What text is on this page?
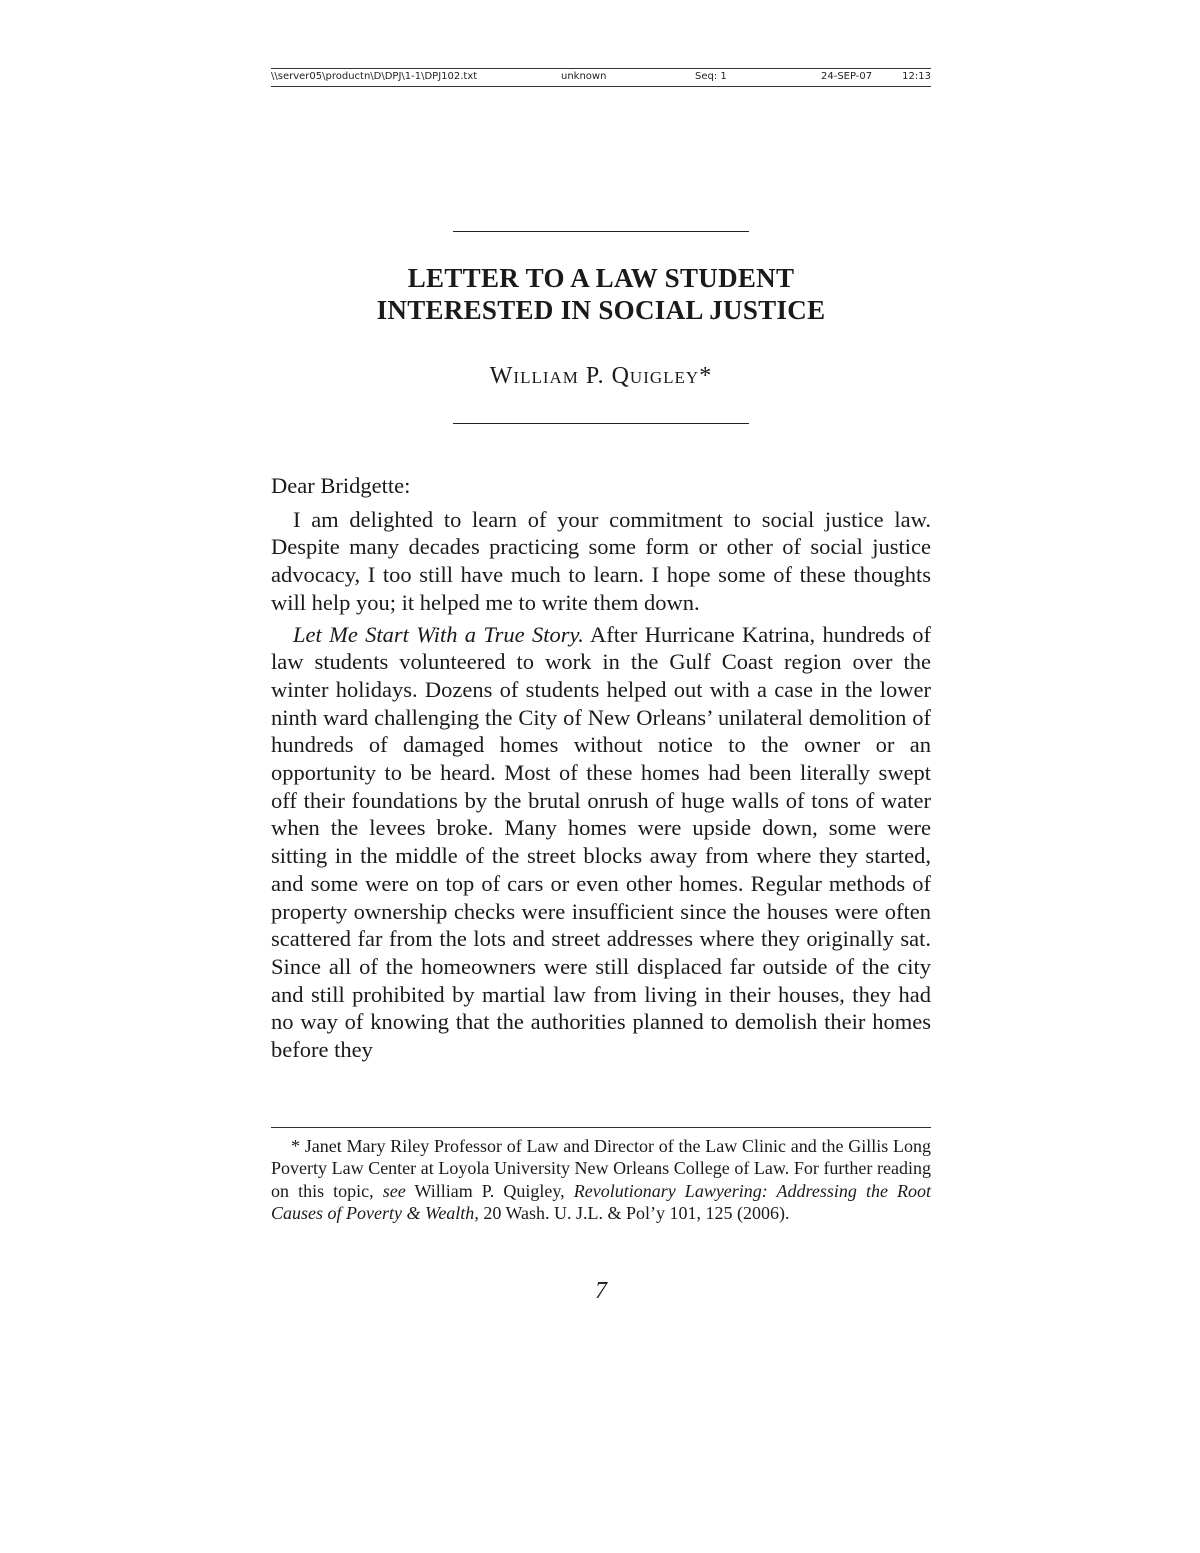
\\server05\productn\D\DPJ\1-1\DPJ102.txt	unknown	Seq: 1	24-SEP-07	12:13
LETTER TO A LAW STUDENT
INTERESTED IN SOCIAL JUSTICE
William P. Quigley*

Dear Bridgette:

I am delighted to learn of your commitment to social justice law. Despite many decades practicing some form or other of social justice advocacy, I too still have much to learn. I hope some of these thoughts will help you; it helped me to write them down.

Let Me Start With a True Story. After Hurricane Katrina, hundreds of law students volunteered to work in the Gulf Coast region over the winter holidays. Dozens of students helped out with a case in the lower ninth ward challenging the City of New Orleans’ unilateral demolition of hundreds of damaged homes without notice to the owner or an opportunity to be heard. Most of these homes had been literally swept off their foundations by the brutal onrush of huge walls of tons of water when the levees broke. Many homes were upside down, some were sitting in the middle of the street blocks away from where they started, and some were on top of cars or even other homes. Regular methods of property ownership checks were insufficient since the houses were often scattered far from the lots and street addresses where they originally sat. Since all of the homeowners were still displaced far outside of the city and still prohibited by martial law from living in their houses, they had no way of knowing that the authorities planned to demolish their homes before they

* Janet Mary Riley Professor of Law and Director of the Law Clinic and the Gillis Long Poverty Law Center at Loyola University New Orleans College of Law. For further reading on this topic, see William P. Quigley, Revolutionary Lawyering: Addressing the Root Causes of Poverty & Wealth, 20 Wash. U. J.L. & Pol’y 101, 125 (2006).
7
